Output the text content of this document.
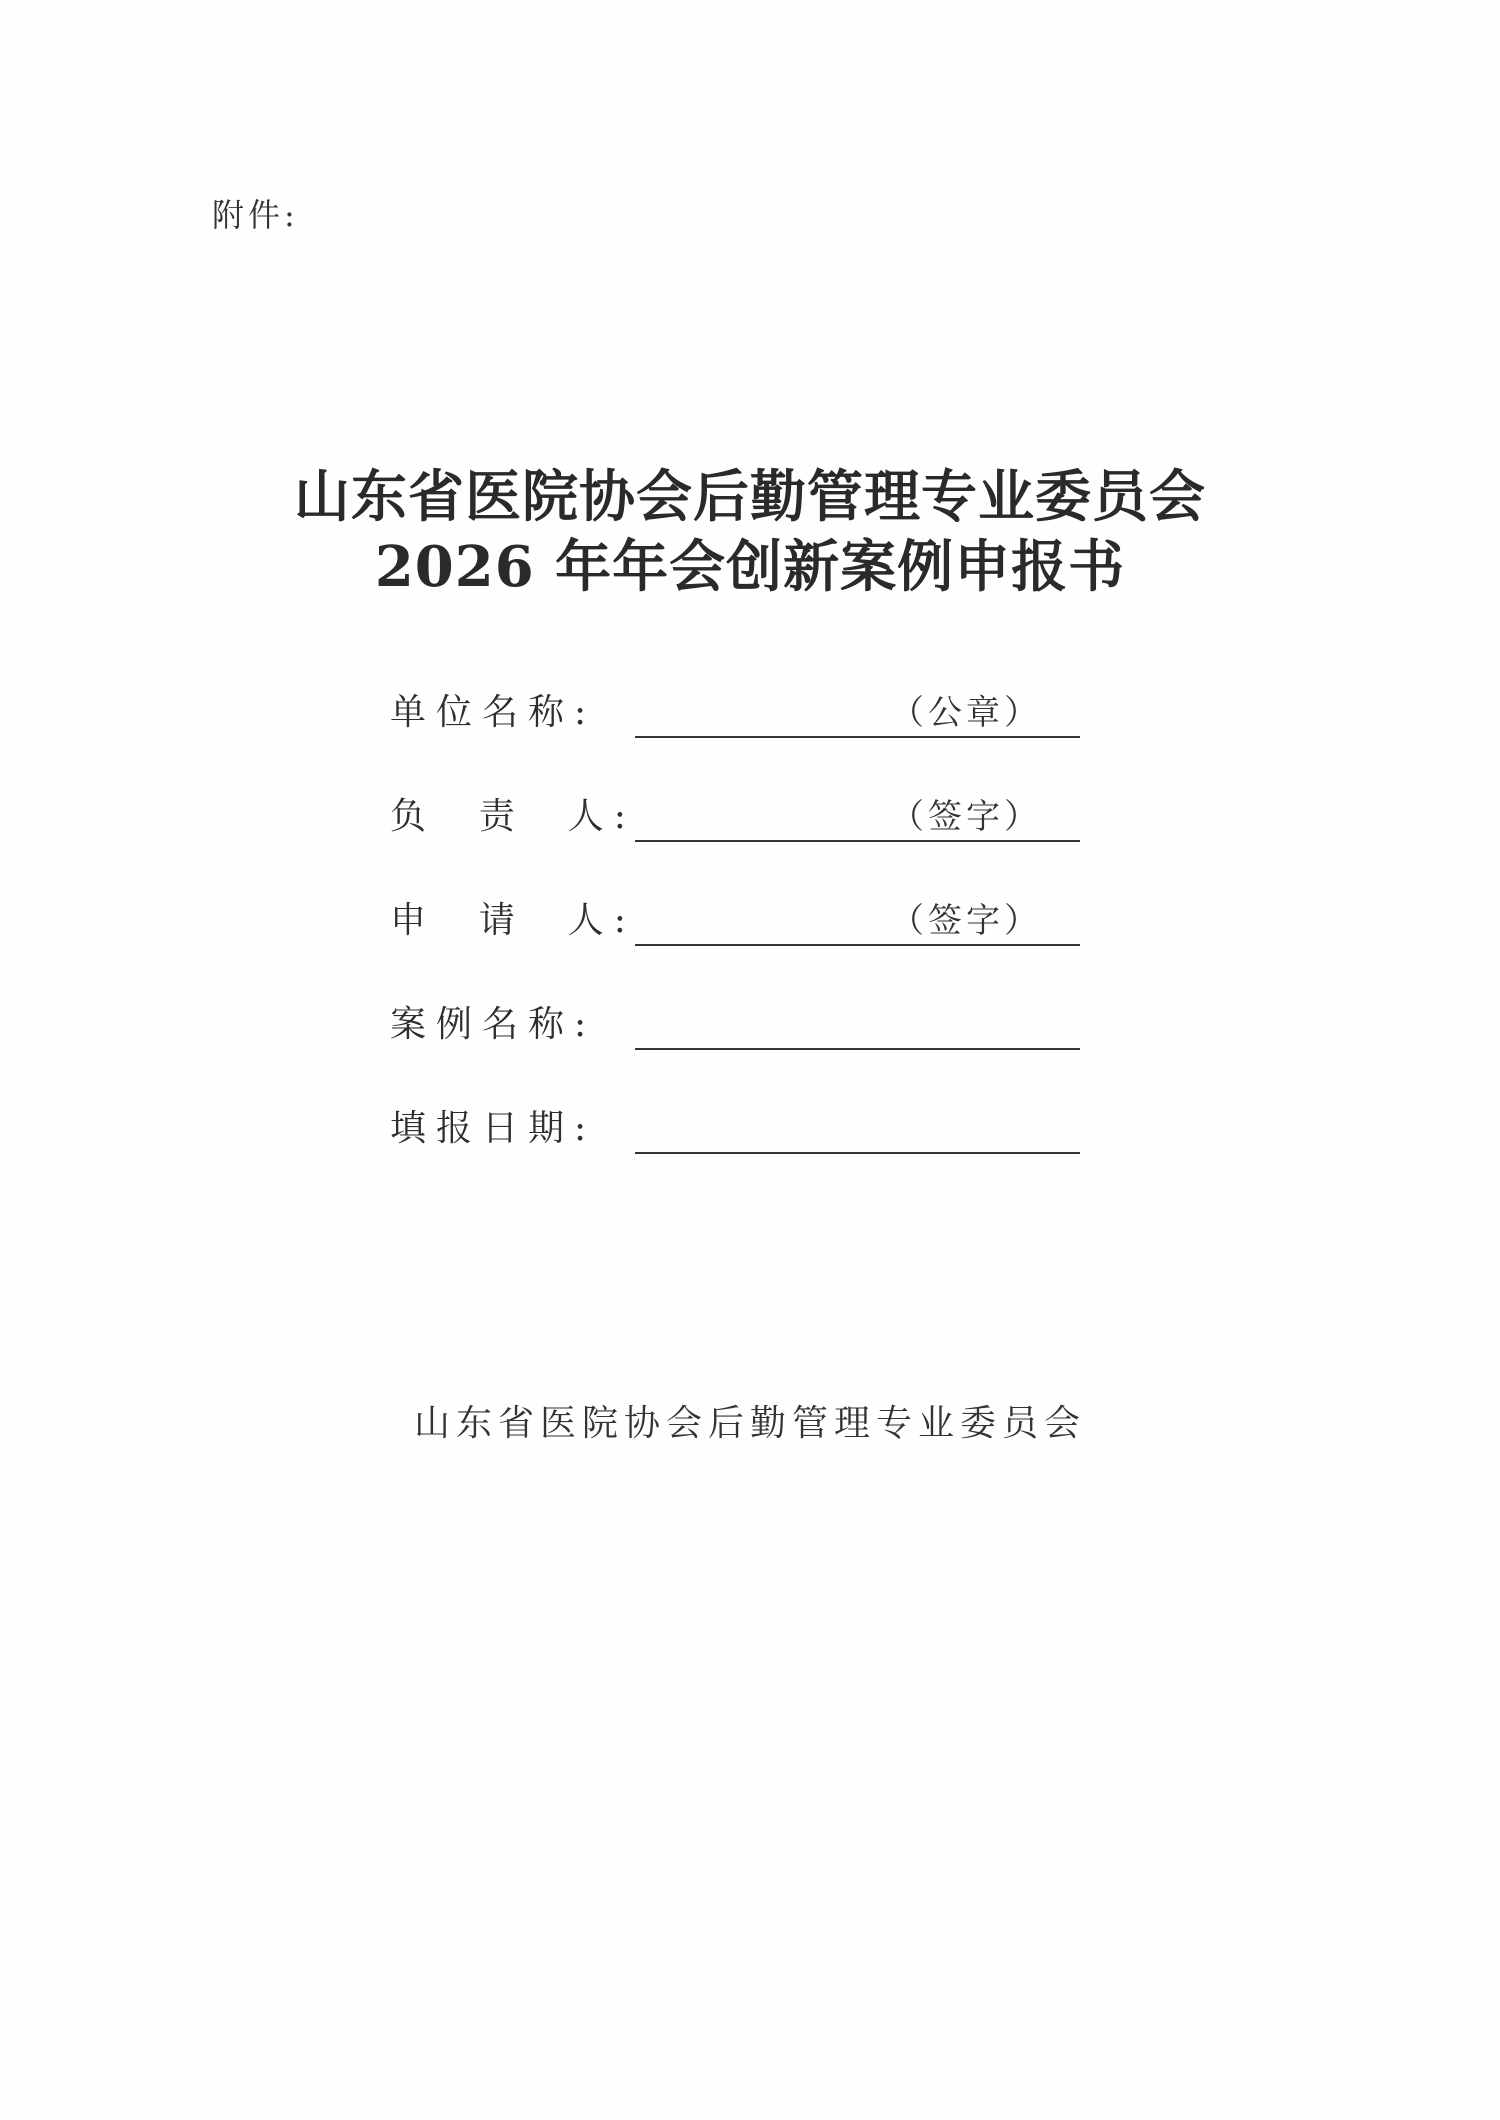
附件:
山东省医院协会后勤管理专业委员会
2026 年年会创新案例申报书
单位名称:	（公章）
负  责  人:	（签字）
申  请  人:	（签字）
案例名称:
填报日期:
山东省医院协会后勤管理专业委员会
